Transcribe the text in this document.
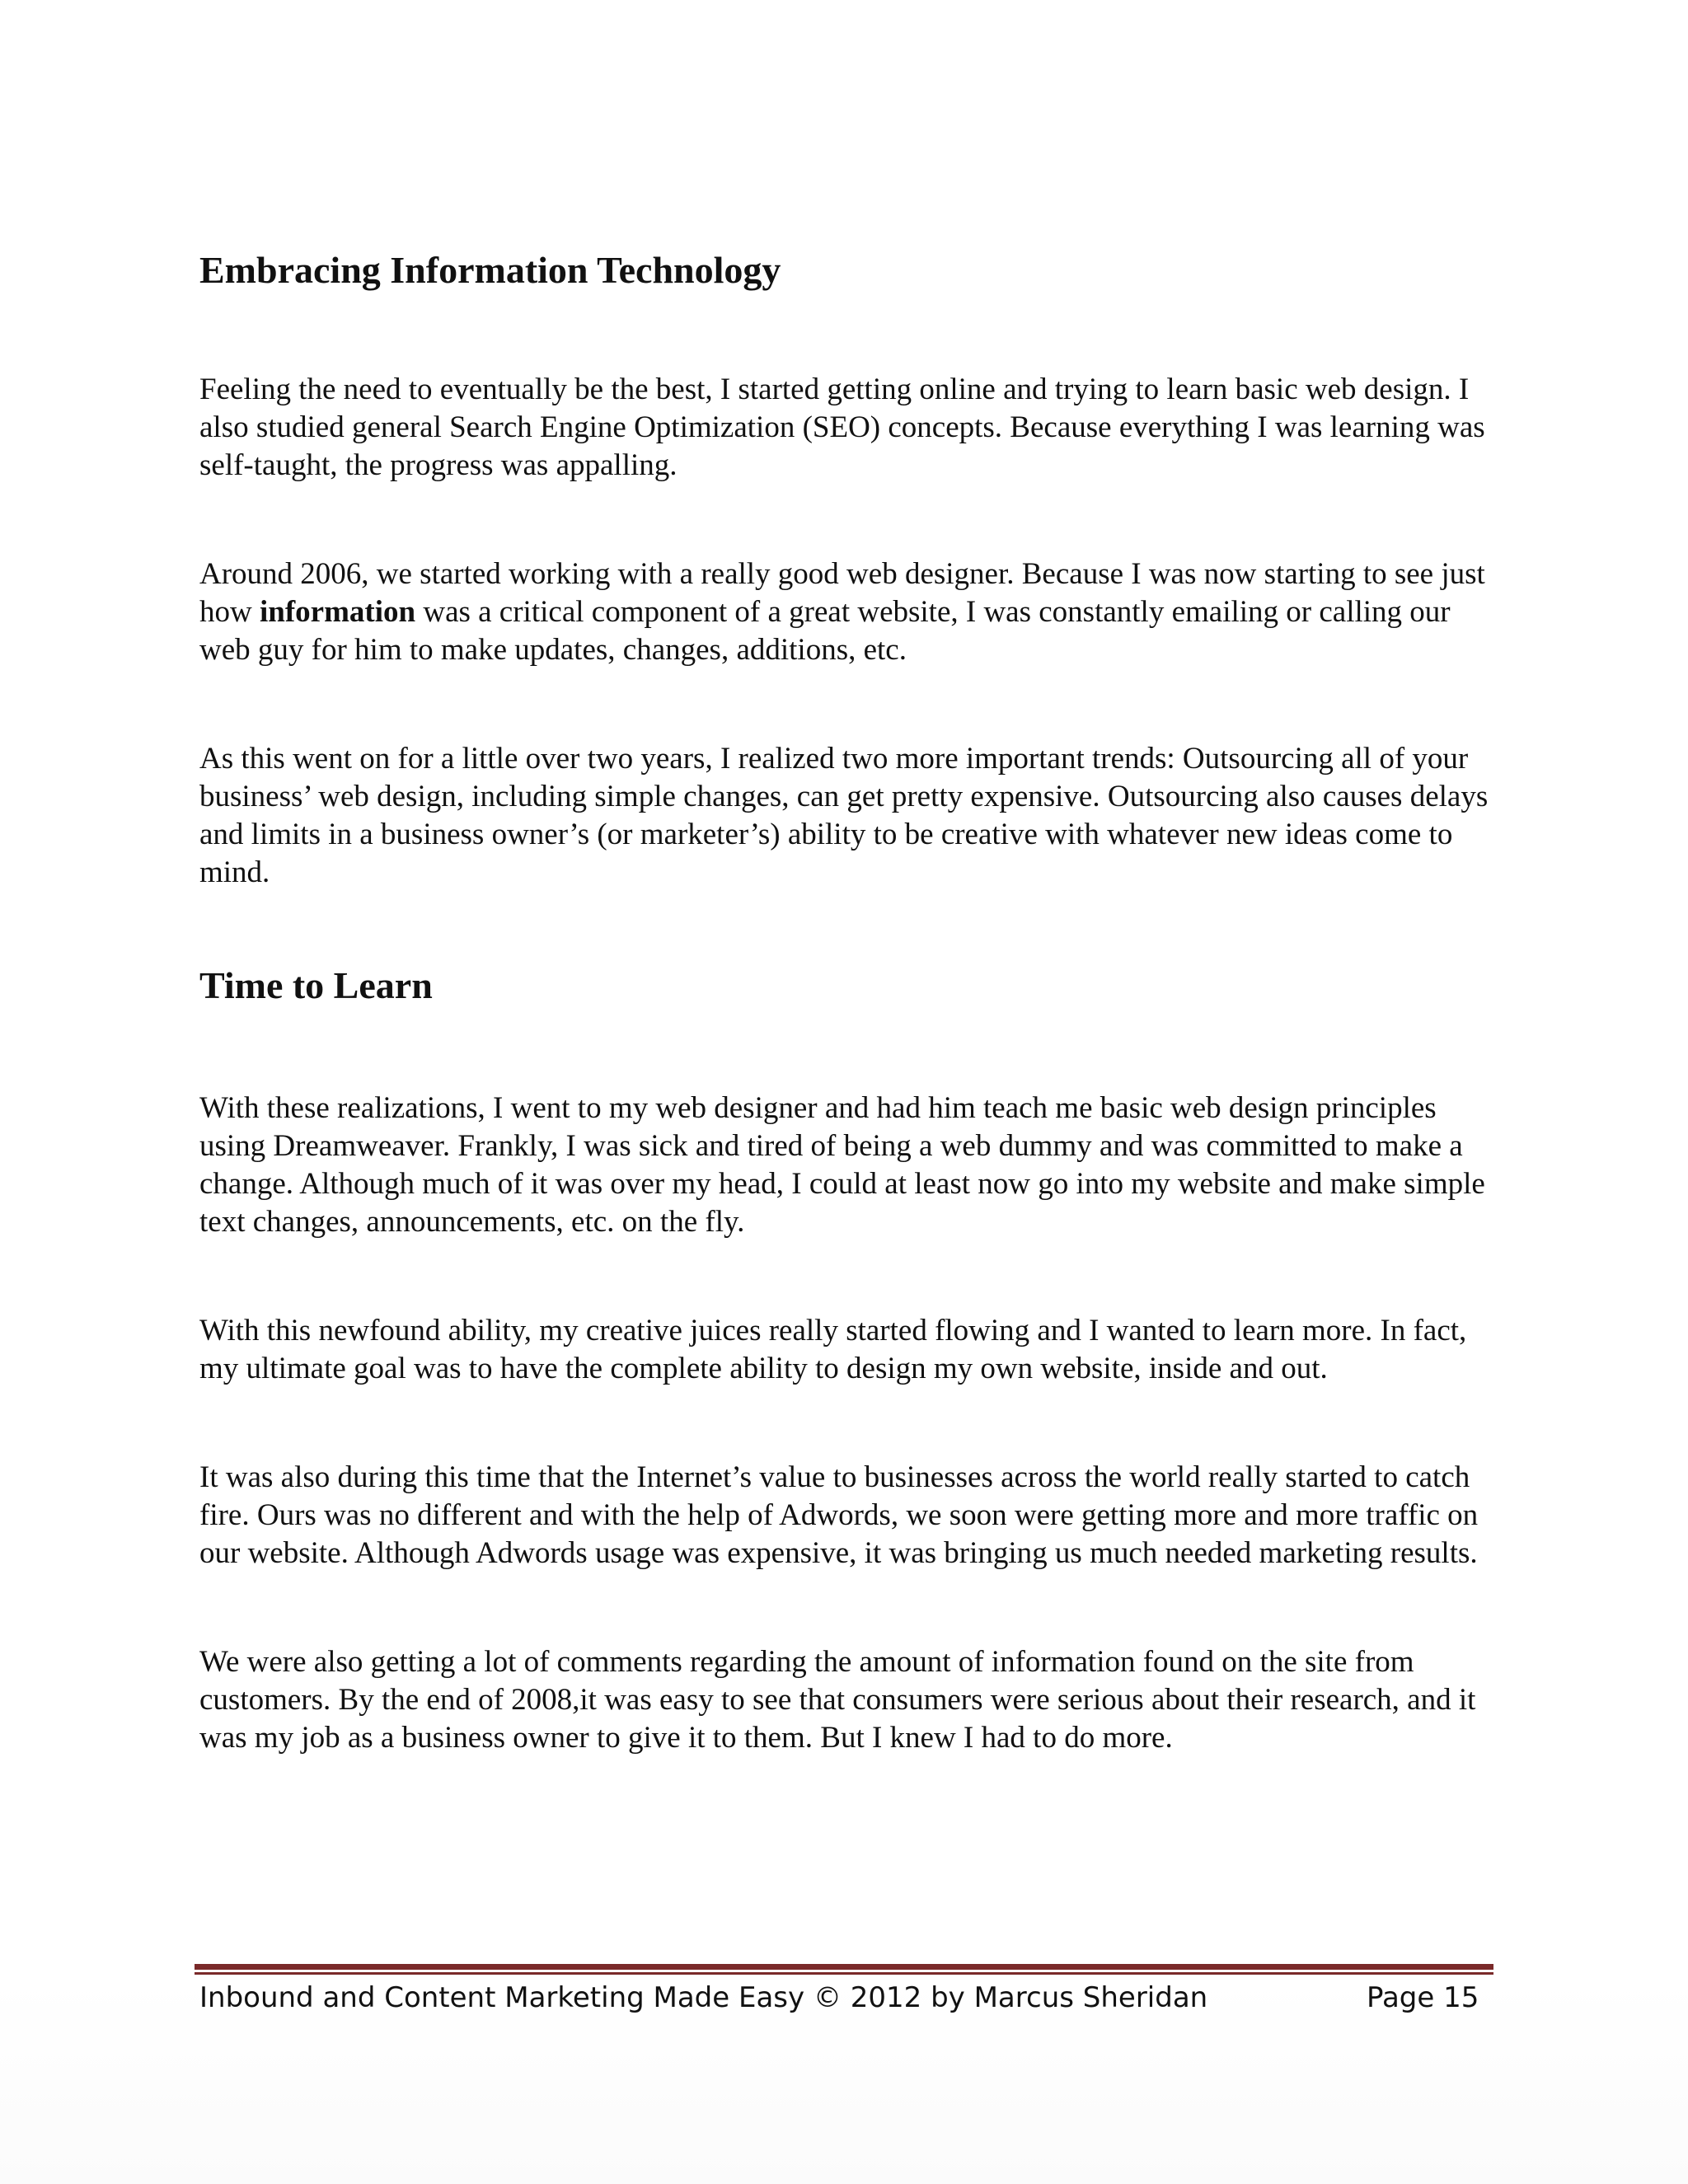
Embracing Information Technology

Feeling the need to eventually be the best, I started getting online and trying to learn basic web design. I also studied general Search Engine Optimization (SEO) concepts. Because everything I was learning was self-taught, the progress was appalling.

Around 2006, we started working with a really good web designer. Because I was now starting to see just how information was a critical component of a great website, I was constantly emailing or calling our web guy for him to make updates, changes, additions, etc.

As this went on for a little over two years, I realized two more important trends: Outsourcing all of your business’ web design, including simple changes, can get pretty expensive. Outsourcing also causes delays and limits in a business owner’s (or marketer’s) ability to be creative with whatever new ideas come to mind.

Time to Learn

With these realizations, I went to my web designer and had him teach me basic web design principles using Dreamweaver. Frankly, I was sick and tired of being a web dummy and was committed to make a change. Although much of it was over my head, I could at least now go into my website and make simple text changes, announcements, etc. on the fly.

With this newfound ability, my creative juices really started flowing and I wanted to learn more. In fact, my ultimate goal was to have the complete ability to design my own website, inside and out.

It was also during this time that the Internet’s value to businesses across the world really started to catch fire. Ours was no different and with the help of Adwords, we soon were getting more and more traffic on our website. Although Adwords usage was expensive, it was bringing us much needed marketing results.

We were also getting a lot of comments regarding the amount of information found on the site from customers. By the end of 2008,it was easy to see that consumers were serious about their research, and it was my job as a business owner to give it to them. But I knew I had to do more.

Inbound and Content Marketing Made Easy © 2012 by Marcus Sheridan	Page 15
